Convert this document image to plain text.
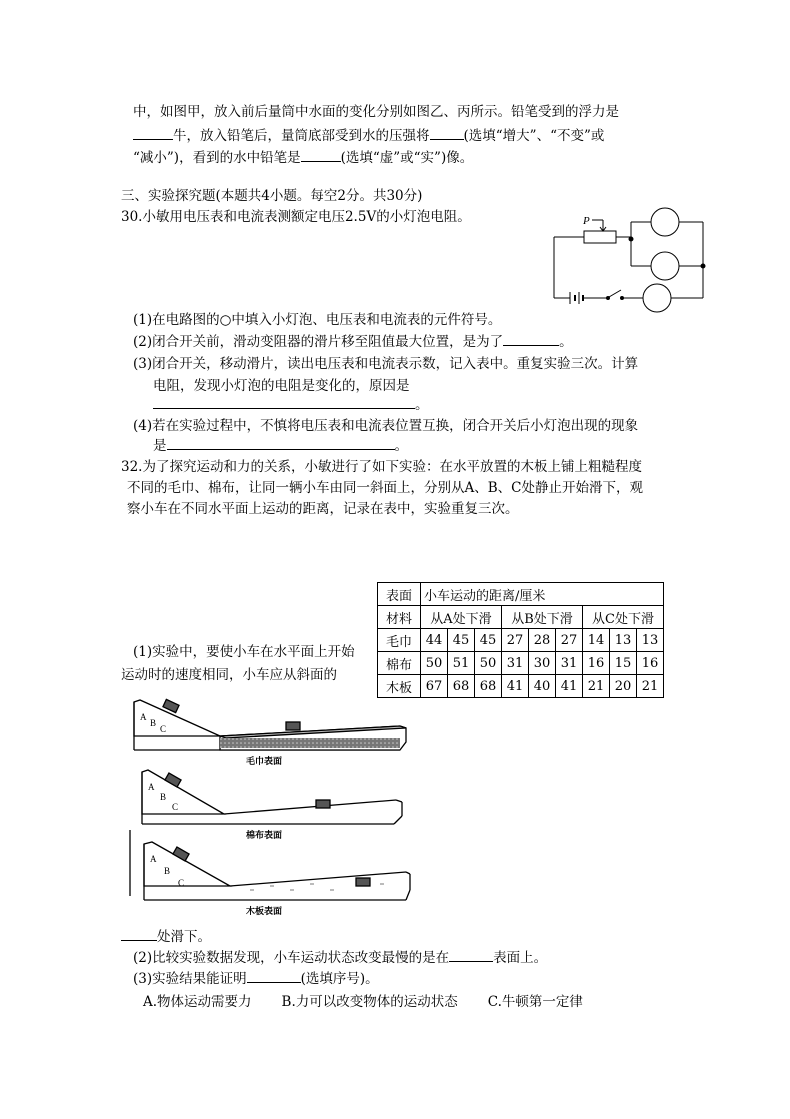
中，如图甲，放入前后量筒中水面的变化分别如图乙、丙所示。铅笔受到的浮力是
牛，放入铅笔后，量筒底部受到水的压强将	(选填“增大”、“不变”或
“减小”)，看到的水中铅笔是	(选填“虚”或“实”)像。
三、实验探究题(本题共4小题。每空2分。共30分)
30.小敏用电压表和电流表测额定电压2.5V的小灯泡电阻。	P
(1)在电路图的○中填入小灯泡、电压表和电流表的元件符号。
(2)闭合开关前，滑动变阻器的滑片移至阻值最大位置，是为了	。
(3)闭合开关，移动滑片，读出电压表和电流表示数，记入表中。重复实验三次。计算
电阻，发现小灯泡的电阻是变化的，原因是
。
(4)若在实验过程中，不慎将电压表和电流表位置互换，闭合开关后小灯泡出现的现象
是	。
32.为了探究运动和力的关系，小敏进行了如下实验：在水平放置的木板上铺上粗糙程度
不同的毛巾、棉布，让同一辆小车由同一斜面上，分别从A、B、C处静止开始滑下，观
察小车在不同水平面上运动的距离，记录在表中，实验重复三次。
表面	小车运动的距离/厘米								
材料	从A处下滑			从B处下滑			从C处下滑		
毛巾	44	45	45	27	28	27	14	13	13
棉布	50	51	50	31	30	31	16	15	16
木板	67	68	68	41	40	41	21	20	21
(1)实验中，要使小车在水平面上开始
运动时的速度相同，小车应从斜面的
A
B
C
A
B
C
A
B
C
毛巾表面
棉布表面
木板表面
处滑下。
(2)比较实验数据发现，小车运动状态改变最慢的是在	表面上。
(3)实验结果能证明	(选填序号)。
A.物体运动需要力 B.力可以改变物体的运动状态 C.牛顿第一定律
